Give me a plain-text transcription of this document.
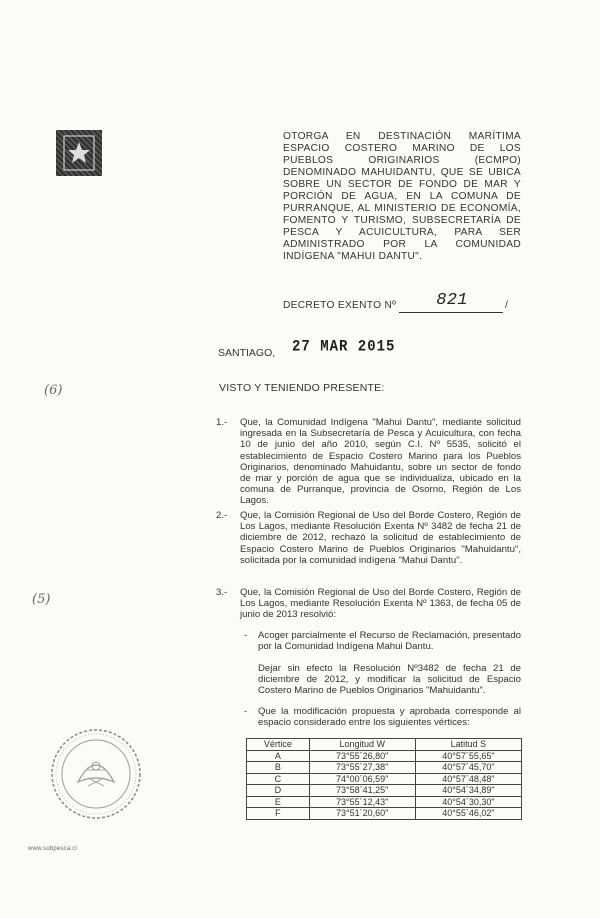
OTORGA EN DESTINACIÓN MARÍTIMA ESPACIO COSTERO MARINO DE LOS PUEBLOS ORIGINARIOS (ECMPO) DENOMINADO MAHUIDANTU, QUE SE UBICA SOBRE UN SECTOR DE FONDO DE MAR Y PORCIÓN DE AGUA, EN LA COMUNA DE PURRANQUE, AL MINISTERIO DE ECONOMÍA, FOMENTO Y TURISMO, SUBSECRETARÍA DE PESCA Y ACUICULTURA, PARA SER ADMINISTRADO POR LA COMUNIDAD INDÍGENA "MAHUI DANTU".
DECRETO EXENTO Nº	821	/
SANTIAGO, 27 MAR 2015
VISTO Y TENIENDO PRESENTE:
(6)
(5)
1.- Que, la Comunidad Indígena "Mahui Dantu", mediante solicitud ingresada en la Subsecretaría de Pesca y Acuicultura, con fecha 10 de junio del año 2010, según C.I. Nº 5535, solicitó el establecimiento de Espacio Costero Marino para los Pueblos Originarios, denominado Mahuidantu, sobre un sector de fondo de mar y porción de agua que se individualiza, ubicado en la comuna de Purranque, provincia de Osorno, Región de Los Lagos.
2.- Que, la Comisión Regional de Uso del Borde Costero, Región de Los Lagos, mediante Resolución Exenta Nº 3482 de fecha 21 de diciembre de 2012, rechazó la solicitud de establecimiento de Espacio Costero Marino de Pueblos Originarios "Mahuidantu", solicitada por la comunidad indígena "Mahui Dantu".
3.- Que, la Comisión Regional de Uso del Borde Costero, Región de Los Lagos, mediante Resolución Exenta Nº 1363, de fecha 05 de junio de 2013 resolvió:
- Acoger parcialmente el Recurso de Reclamación, presentado por la Comunidad Indígena Mahui Dantu.
Dejar sin efecto la Resolución Nº3482 de fecha 21 de diciembre de 2012, y modificar la solicitud de Espacio Costero Marino de Pueblos Originarios "Mahuidantu".
- Que la modificación propuesta y aprobada corresponde al espacio considerado entre los siguientes vértices:
Vértice	Longitud W	Latitud S
A	73°55´26,80"	40°57´55,65"
B	73°55´27,38"	40°57´45,70"
C	74°00´06,59"	40°57´48,48"
D	73°58´41,25"	40°54´34,89"
E	73°55´12,43"	40°54´30,30"
F	73°51´20,60"	40°55´46,02"
www.subpesca.cl
